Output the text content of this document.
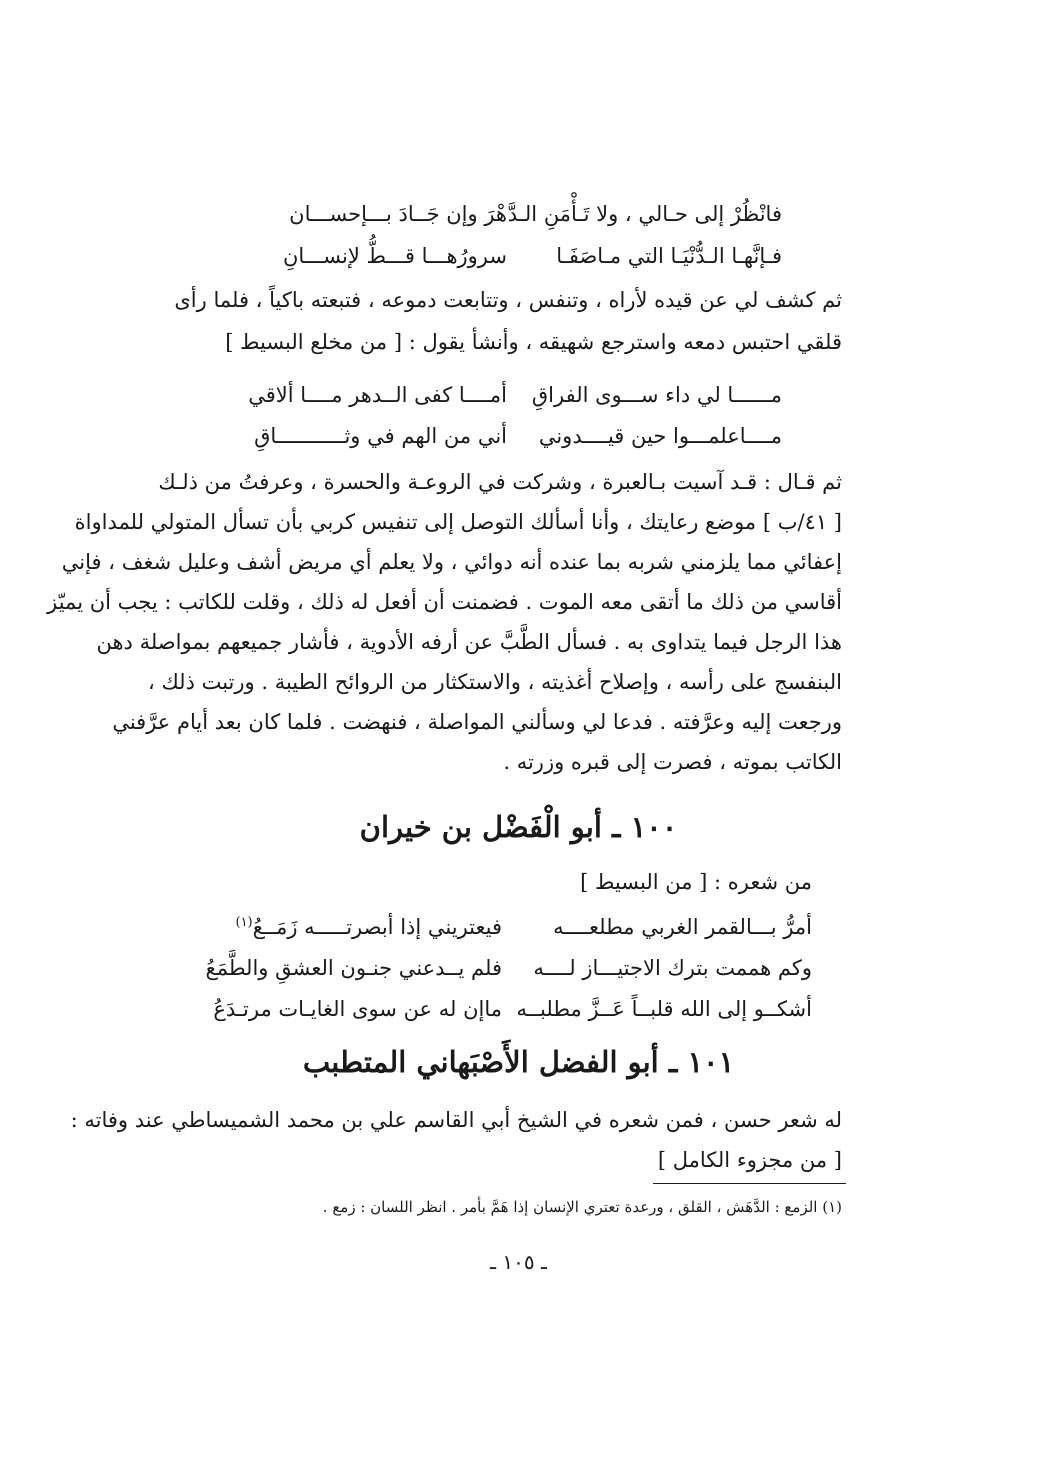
فانْظُرْ إلى حـالي ، ولا تَـأْمَنِ الـدَّ
هْرَ وإن جَــادَ بـــإحســـان
فـإنَّهـا الـدُّنْيَـا التي مـاصَفَـا
سرورُهـــا قـــطُّ لإنســـانِ
ثم كشف لي عن قيده لأراه ، وتنفس ، وتتابعت دموعه ، فتبعته باكياً ، فلما رأى
قلقي احتبس دمعه واسترجع شهيقه ، وأنشأ يقول : [ من مخلع البسيط ]
مــــــا لي داء ســـوى الفراقِ
أمــــا كفى الــدهر مــــا ألاقي
مــــاعلمـــوا حين قيــــدوني
أني من الهم في وثـــــــــــاقِ
ثم قـال : قـد آسيت بـالعبرة ، وشركت في الروعـة والحسرة ، وعرفتُ من ذلـك
[ ٤١/ب ] موضع رعايتك ، وأنا أسألك التوصل إلى تنفيس كربي بأن تسأل المتولي للمداواة
إعفائي مما يلزمني شربه بما عنده أنه دوائي ، ولا يعلم أي مريض أشف وعليل شغف ، فإني
أقاسي من ذلك ما أتقى معه الموت . فضمنت أن أفعل له ذلك ، وقلت للكاتب : يجب أن يميّز
هذا الرجل فيما يتداوى به . فسأل الطَّبَّ عن أرفه الأدوية ، فأشار جميعهم بمواصلة دهن
البنفسج على رأسه ، وإصلاح أغذيته ، والاستكثار من الروائح الطيبة . ورتبت ذلك ،
ورجعت إليه وعرَّفته . فدعا لي وسألني المواصلة ، فنهضت . فلما كان بعد أيام عرَّفني
الكاتب بموته ، فصرت إلى قبره وزرته .
١٠٠ ـ أبو الْفَضْل بن خيران
من شعره : [ من البسيط ]
أمرُّ بـــالقمر الغربي مطلعــــه
فيعتريني إذا أبصرتـــــه زَمَــعُ$^{(١)}$
وكم هممت بترك الاجتيـــاز لــــه
فلم يــدعني جنـون العشقِ والطَّمَعُ
أشكــو إلى الله قلبــاً عَــزَّ مطلبــه
ماإن له عن سوى الغايـات مرتـدَعُ
١٠١ ـ أبو الفضل الأَصْبَهاني المتطبب
له شعر حسن ، فمن شعره في الشيخ أبي القاسم علي بن محمد الشميساطي عند وفاته :
[ من مجزوء الكامل ]
(١) الزمع : الدَّهَش ، القلق ، ورعدة تعتري الإنسان إذا هَمَّ بأمر . انظر اللسان : زمع .
ـ ١٠٥ ـ
